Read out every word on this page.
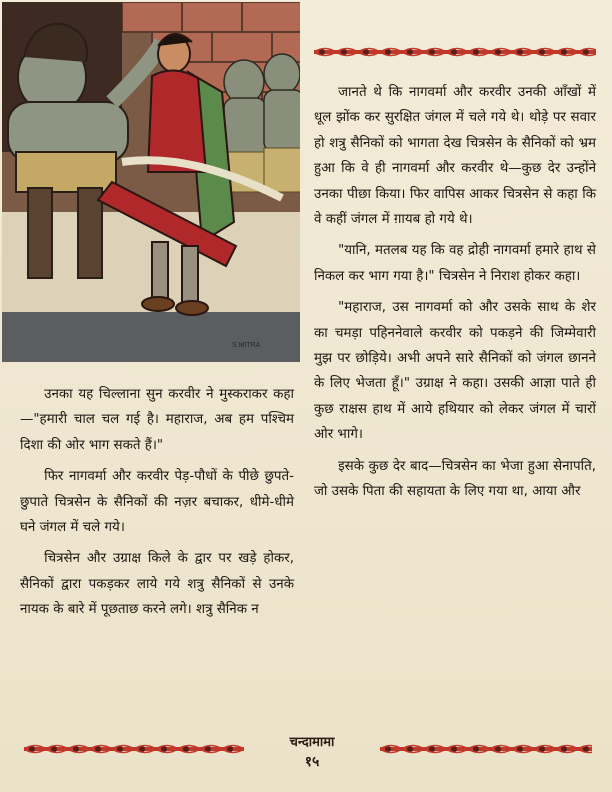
S.MITRA

जानते थे कि नागवर्मा और करवीर उनकी आँखों में धूल झोंक कर सुरक्षित जंगल में चले गये थे। थोड़े पर सवार हो शत्रु सैनिकों को भागता देख चित्रसेन के सैनिकों को भ्रम हुआ कि वे ही नागवर्मा और करवीर थे—कुछ देर उन्होंने उनका पीछा किया। फिर वापिस आकर चित्रसेन से कहा कि वे कहीं जंगल में ग़ायब हो गये थे।

"यानि, मतलब यह कि वह द्रोही नागवर्मा हमारे हाथ से निकल कर भाग गया है।" चित्रसेन ने निराश होकर कहा।

"महाराज, उस नागवर्मा को और उसके साथ के शेर का चमड़ा पहिननेवाले करवीर को पकड़ने की जिम्मेवारी मुझ पर छोड़िये। अभी अपने सारे सैनिकों को जंगल छानने के लिए भेजता हूँ।" उग्राक्ष ने कहा। उसकी आज्ञा पाते ही कुछ राक्षस हाथ में आये हथियार को लेकर जंगल में चारों ओर भागे।

इसके कुछ देर बाद—चित्रसेन का भेजा हुआ सेनापति, जो उसके पिता की सहायता के लिए गया था, आया और

उनका यह चिल्लाना सुन करवीर ने मुस्कराकर कहा—"हमारी चाल चल गई है। महाराज, अब हम पश्चिम दिशा की ओर भाग सकते हैं।"

फिर नागवर्मा और करवीर पेड़-पौधों के पीछे छुपते-छुपाते चित्रसेन के सैनिकों की नज़र बचाकर, धीमे-धीमे घने जंगल में चले गये।

चित्रसेन और उग्राक्ष किले के द्वार पर खड़े होकर, सैनिकों द्वारा पकड़कर लाये गये शत्रु सैनिकों से उनके नायक के बारे में पूछताछ करने लगे। शत्रु सैनिक न

चन्दामामा
१५
